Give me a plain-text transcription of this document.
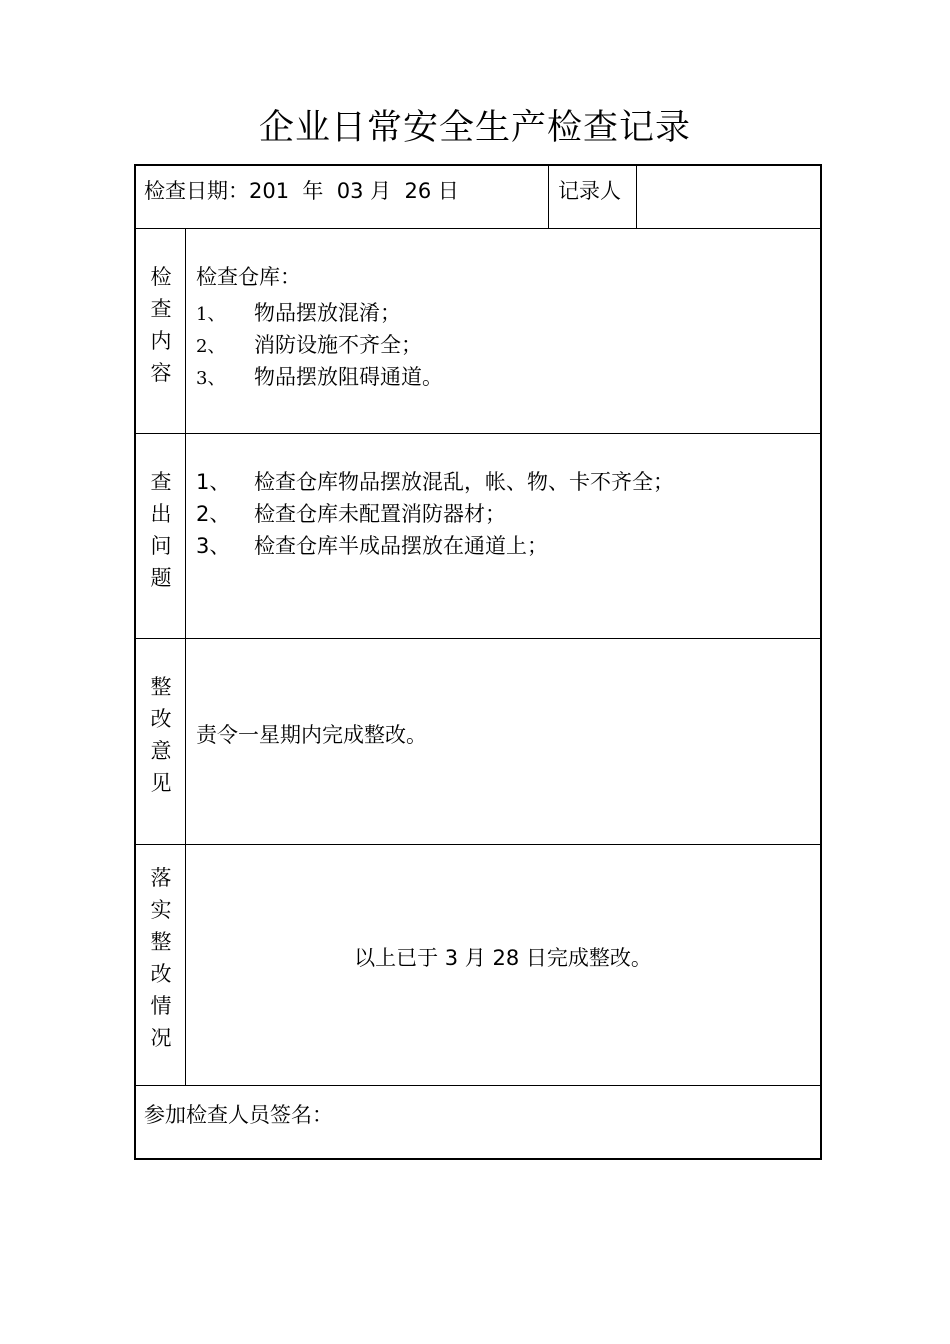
企业日常安全生产检查记录
检查日期：201  年  03 月  26 日	记录人
检
查
内
容
检查仓库：
1、 物品摆放混淆；
2、 消防设施不齐全；
3、 物品摆放阻碍通道。
查
出
问
题
1、 检查仓库物品摆放混乱，帐、物、卡不齐全；
2、 检查仓库未配置消防器材；
3、 检查仓库半成品摆放在通道上；
整
改
意
见
责令一星期内完成整改。
落
实
整
改
情
况
以上已于 3 月 28 日完成整改。
参加检查人员签名：
